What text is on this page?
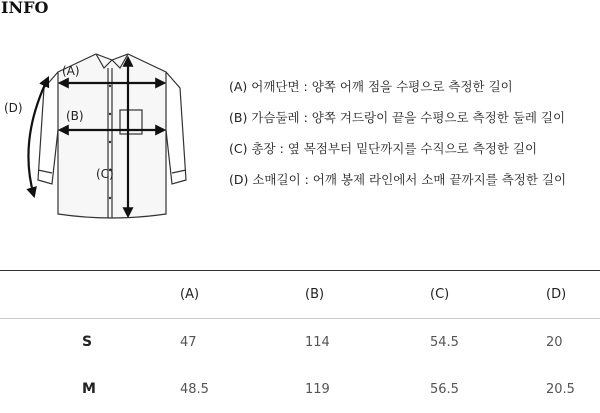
INFO
(A)
(B)
(C)
(D)
(A) 어깨단면 : 양쪽 어깨 점을 수평으로 측정한 길이
(B) 가슴둘레 : 양쪽 겨드랑이 끝을 수평으로 측정한 둘레 길이
(C) 총장 : 옆 목점부터 밑단까지를 수직으로 측정한 길이
(D) 소매길이 : 어깨 봉제 라인에서 소매 끝까지를 측정한 길이
	(A)	(B)	(C)	(D)
S	47	114	54.5	20
M	48.5	119	56.5	20.5
